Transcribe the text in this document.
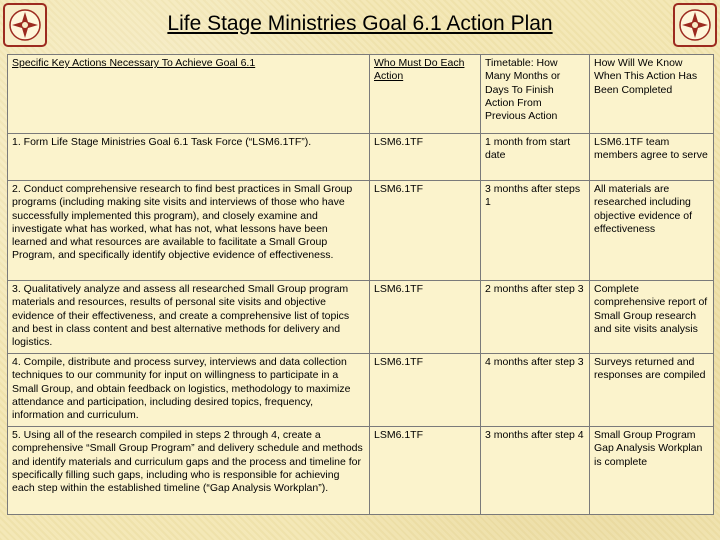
Life Stage Ministries Goal 6.1 Action Plan
Specific Key Actions Necessary To Achieve Goal 6.1	Who Must Do Each Action	Timetable: How Many Months or Days To Finish Action From Previous Action	How Will We Know When This Action Has Been Completed
1. Form Life Stage Ministries Goal 6.1 Task Force (“LSM6.1TF”).	LSM6.1TF	1 month from start date	LSM6.1TF team members agree to serve
2. Conduct comprehensive research to find best practices in Small Group programs (including making site visits and interviews of those who have successfully implemented this program), and closely examine and investigate what has worked, what has not, what lessons have been learned and what resources are available to facilitate a Small Group Program, and specifically identify objective evidence of effectiveness.	LSM6.1TF	3 months after steps 1	All materials are researched including objective evidence of effectiveness
3. Qualitatively analyze and assess all researched Small Group program materials and resources, results of personal site visits and objective evidence of their effectiveness, and create a comprehensive list of topics and best in class content and best alternative methods for delivery and logistics.	LSM6.1TF	2 months after step 3	Complete comprehensive report of Small Group research and site visits analysis
4. Compile, distribute and process survey, interviews and data collection techniques to our community for input on willingness to participate in a Small Group, and obtain feedback on logistics, methodology to maximize attendance and participation, including desired topics, frequency, information and curriculum.	LSM6.1TF	4 months after step 3	Surveys returned and responses are compiled
5. Using all of the research compiled in steps 2 through 4, create a comprehensive “Small Group Program” and delivery schedule and methods and identify materials and curriculum gaps and the process and timeline for specifically filling such gaps, including who is responsible for achieving each step within the established timeline (“Gap Analysis Workplan”).	LSM6.1TF	3 months after step 4	Small Group Program Gap Analysis Workplan is complete
